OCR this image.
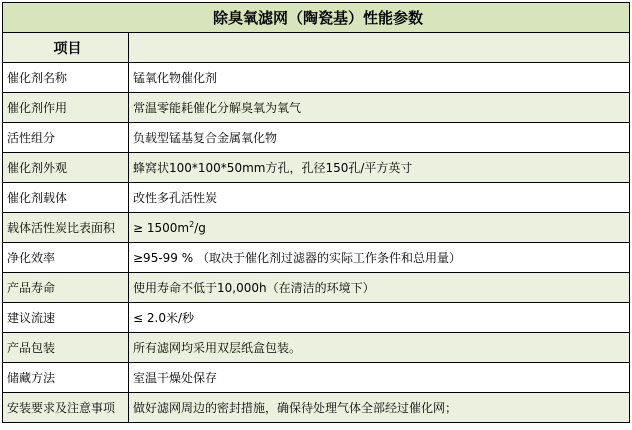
除臭氧滤网（陶瓷基）性能参数	
项目	
催化剂名称	锰氧化物催化剂
催化剂作用	常温零能耗催化分解臭氧为氧气
活性组分	负载型锰基复合金属氧化物
催化剂外观	蜂窝状100*100*50mm方孔，孔径150孔/平方英寸
催化剂载体	改性多孔活性炭
载体活性炭比表面积	≥ $1500m^2/g$
净化效率	≥95-99 % （取决于催化剂过滤器的实际工作条件和总用量）
产品寿命	使用寿命不低于10,000h（在清洁的环境下）
建议流速	≤ 2.0米/秒
产品包装	所有滤网均采用双层纸盒包装。
储藏方法	室温干燥处保存
安装要求及注意事项	做好滤网周边的密封措施，确保待处理气体全部经过催化网；
